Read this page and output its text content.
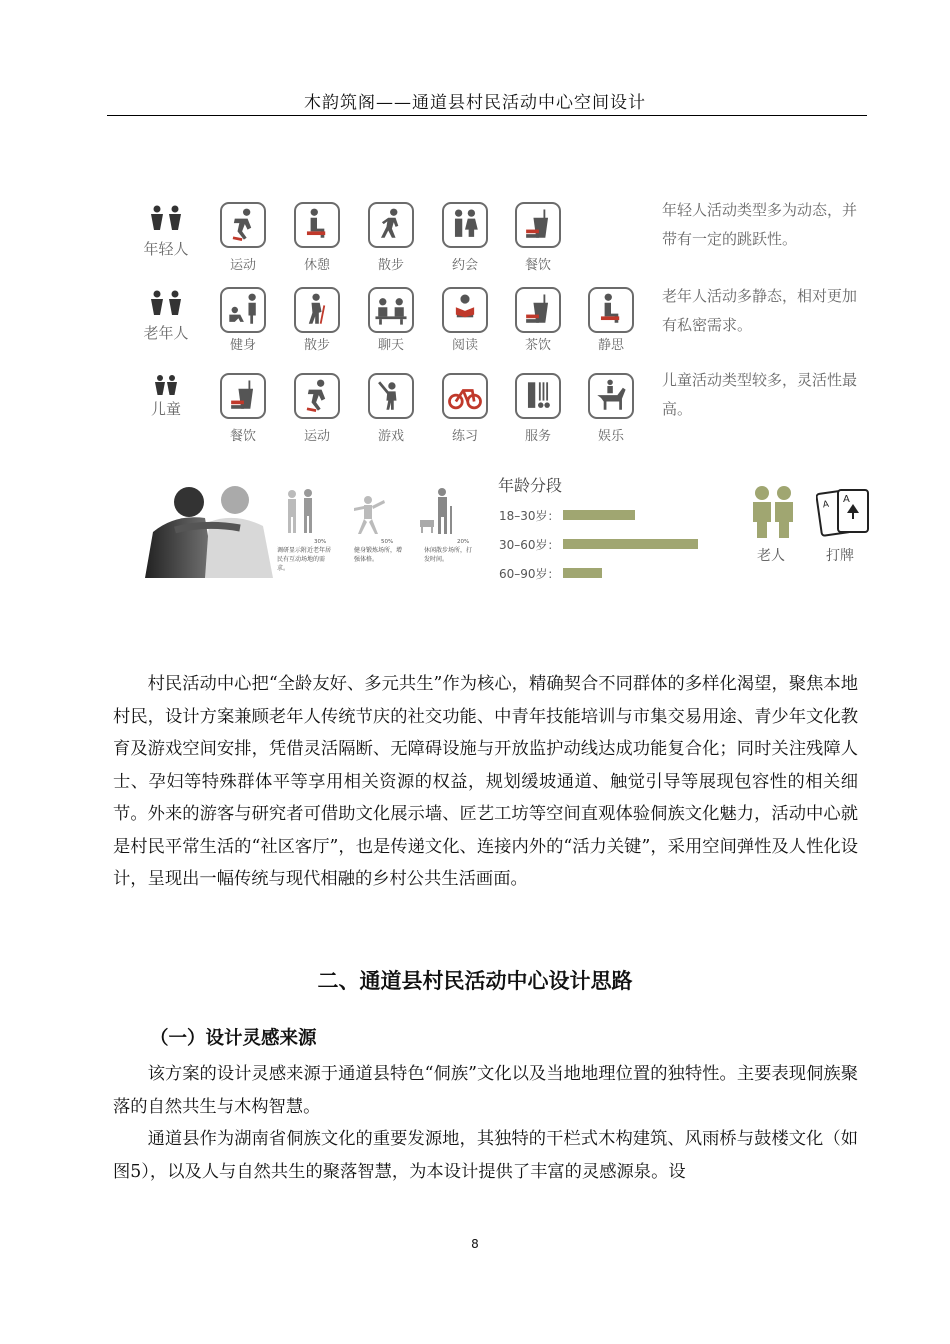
木韵筑阁——通道县村民活动中心空间设计
年轻人
老年人
儿童
运动	休憩	散步	约会	餐饮
健身	散步	聊天	阅读	茶饮	静思
餐饮	运动	游戏	练习	服务	娱乐
年轻人活动类型多为动态，并带有一定的跳跃性。
老年人活动多静态，相对更加有私密需求。
儿童活动类型较多，灵活性最高。
30%
调研显示附近老年居民有互动场地的需求。
50%
健身锻炼场所，增强体格。
20%
休闲散步场所，打发时间。
年龄分段
18–30岁：
30–60岁：
60–90岁：
老人
A
A
打牌

村民活动中心把“全龄友好、多元共生”作为核心，精确契合不同群体的多样化渴望，聚焦本地村民，设计方案兼顾老年人传统节庆的社交功能、中青年技能培训与市集交易用途、青少年文化教育及游戏空间安排，凭借灵活隔断、无障碍设施与开放监护动线达成功能复合化；同时关注残障人士、孕妇等特殊群体平等享用相关资源的权益，规划缓坡通道、触觉引导等展现包容性的相关细节。外来的游客与研究者可借助文化展示墙、匠艺工坊等空间直观体验侗族文化魅力，活动中心就是村民平常生活的“社区客厅”，也是传递文化、连接内外的“活力关键”，采用空间弹性及人性化设计，呈现出一幅传统与现代相融的乡村公共生活画面。

二、通道县村民活动中心设计思路
（一）设计灵感来源

该方案的设计灵感来源于通道县特色“侗族”文化以及当地地理位置的独特性。主要表现侗族聚落的自然共生与木构智慧。

通道县作为湖南省侗族文化的重要发源地，其独特的干栏式木构建筑、风雨桥与鼓楼文化（如图5），以及人与自然共生的聚落智慧，为本设计提供了丰富的灵感源泉。设

8
